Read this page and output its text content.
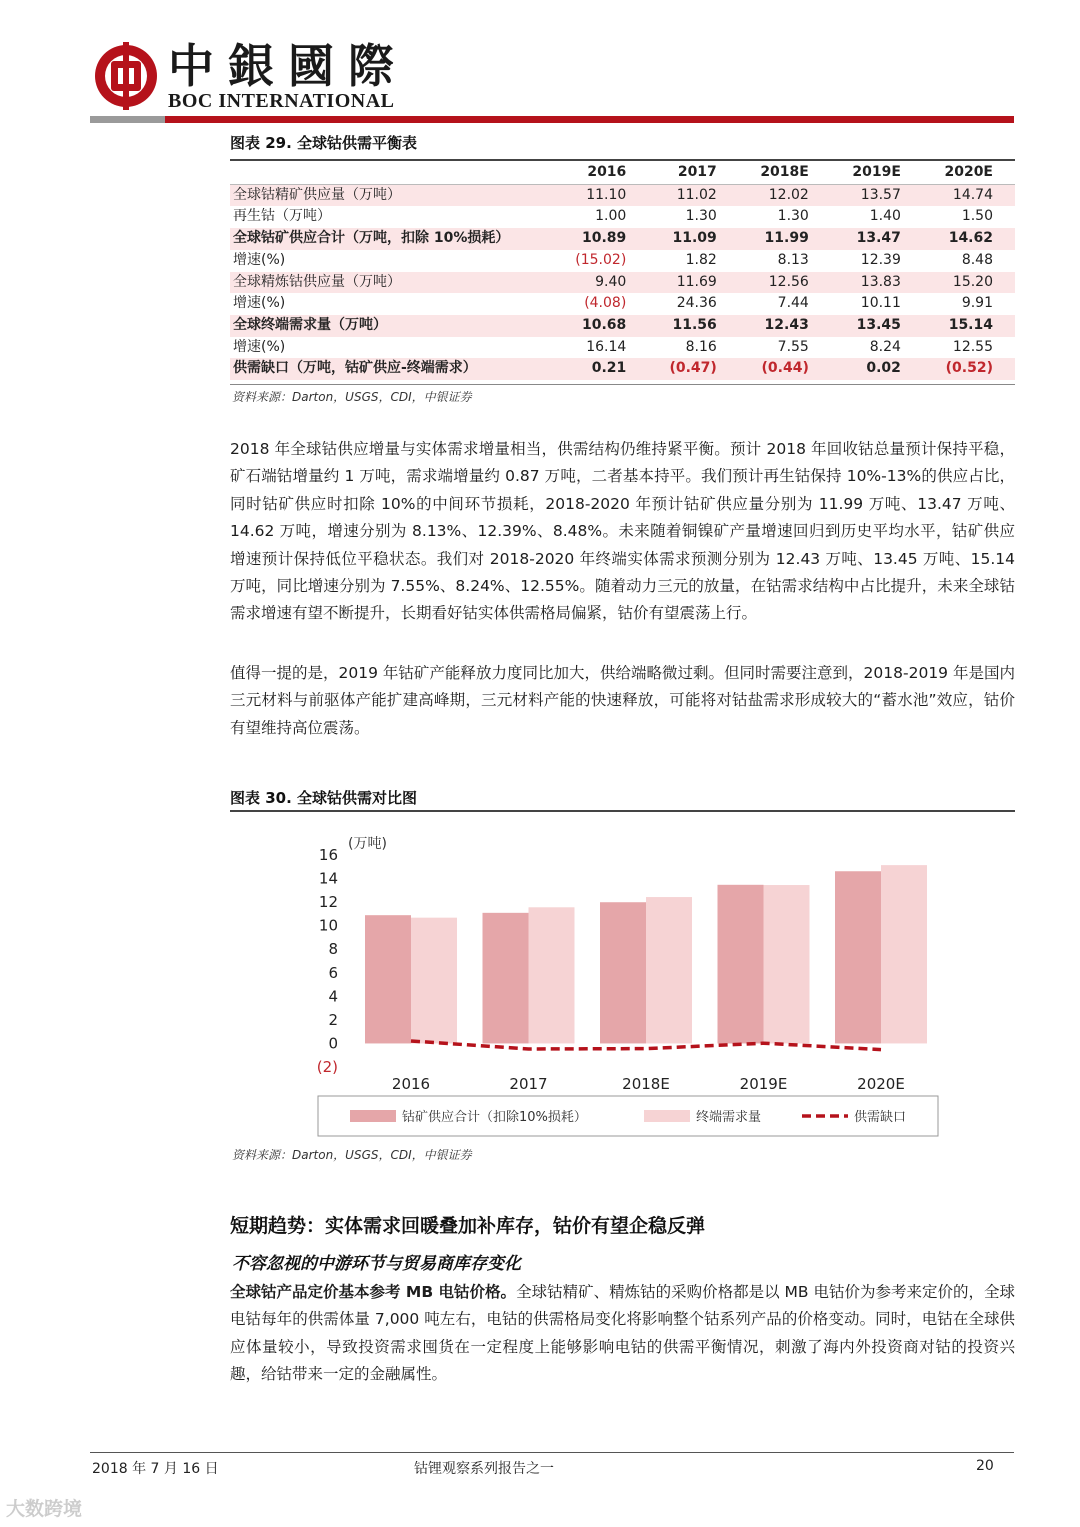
中銀國際
BOC INTERNATIONAL
图表 29. 全球钴供需平衡表
	2016	2017	2018E	2019E	2020E
全球钴精矿供应量（万吨）	11.10	11.02	12.02	13.57	14.74
再生钴（万吨）	1.00	1.30	1.30	1.40	1.50
全球钴矿供应合计（万吨，扣除 10%损耗）	10.89	11.09	11.99	13.47	14.62
增速(%)	(15.02)	1.82	8.13	12.39	8.48
全球精炼钴供应量（万吨）	9.40	11.69	12.56	13.83	15.20
增速(%)	(4.08)	24.36	7.44	10.11	9.91
全球终端需求量（万吨）	10.68	11.56	12.43	13.45	15.14
增速(%)	16.14	8.16	7.55	8.24	12.55
供需缺口（万吨，钴矿供应-终端需求）	0.21	(0.47)	(0.44)	0.02	(0.52)
资料来源：Darton，USGS，CDI，中银证券
2018 年全球钴供应增量与实体需求增量相当，供需结构仍维持紧平衡。预计 2018 年回收钴总量预计保持平稳，矿石端钴增量约 1 万吨，需求端增量约 0.87 万吨，二者基本持平。我们预计再生钴保持 10%-13%的供应占比，同时钴矿供应时扣除 10%的中间环节损耗，2018-2020 年预计钴矿供应量分别为 11.99 万吨、13.47 万吨、14.62 万吨，增速分别为 8.13%、12.39%、8.48%。未来随着铜镍矿产量增速回归到历史平均水平，钴矿供应增速预计保持低位平稳状态。我们对 2018-2020 年终端实体需求预测分别为 12.43 万吨、13.45 万吨、15.14 万吨，同比增速分别为 7.55%、8.24%、12.55%。随着动力三元的放量，在钴需求结构中占比提升，未来全球钴需求增速有望不断提升，长期看好钴实体供需格局偏紧，钴价有望震荡上行。
值得一提的是，2019 年钴矿产能释放力度同比加大，供给端略微过剩。但同时需要注意到，2018-2019 年是国内三元材料与前驱体产能扩建高峰期，三元材料产能的快速释放，可能将对钴盐需求形成较大的“蓄水池”效应，钴价有望维持高位震荡。
图表 30. 全球钴供需对比图
(万吨)
(2)
0
2
4
6
8
10
12
14
16
2016	2017	2018E	2019E	2020E
钴矿供应合计（扣除10%损耗）	终端需求量	供需缺口
资料来源：Darton，USGS，CDI，中银证券
短期趋势：实体需求回暖叠加补库存，钴价有望企稳反弹
不容忽视的中游环节与贸易商库存变化
全球钴产品定价基本参考 MB 电钴价格。全球钴精矿、精炼钴的采购价格都是以 MB 电钴价为参考来定价的，全球电钴每年的供需体量 7,000 吨左右，电钴的供需格局变化将影响整个钴系列产品的价格变动。同时，电钴在全球供应体量较小，导致投资需求囤货在一定程度上能够影响电钴的供需平衡情况，刺激了海内外投资商对钴的投资兴趣，给钴带来一定的金融属性。
2018 年 7 月 16 日	钴锂观察系列报告之一	20
大数跨境
